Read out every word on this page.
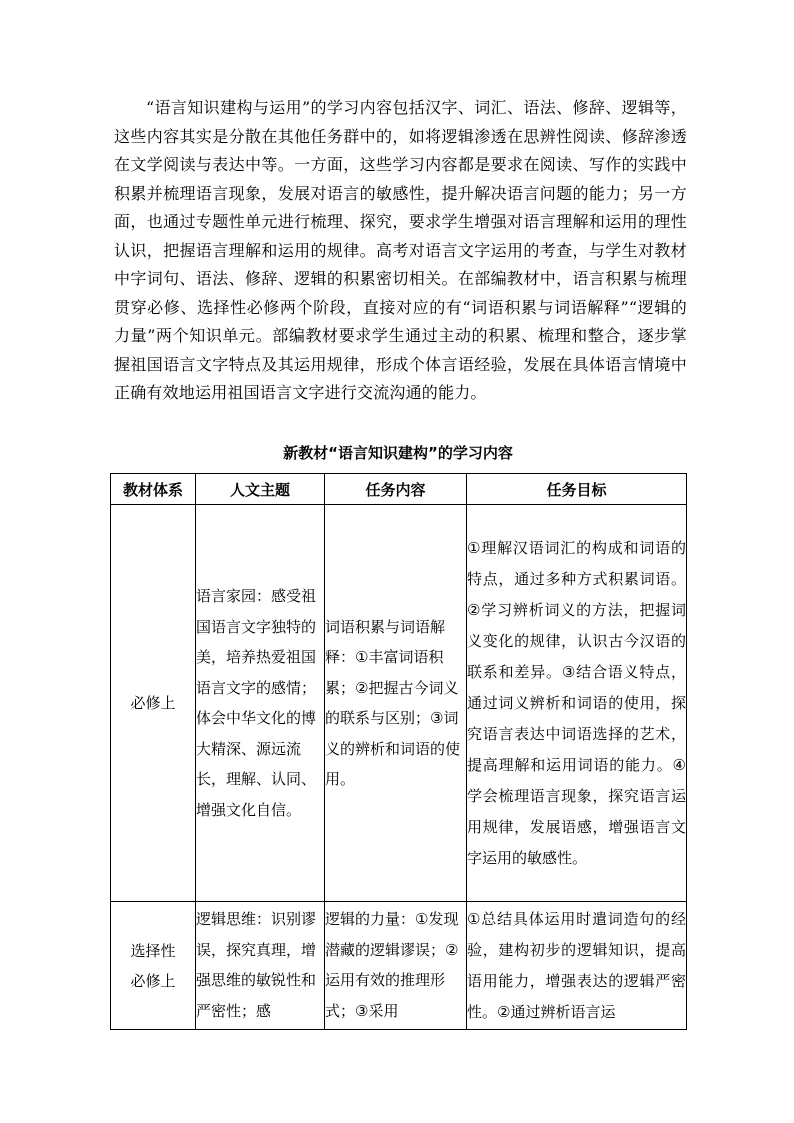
“语言知识建构与运用”的学习内容包括汉字、词汇、语法、修辞、逻辑等，这些内容其实是分散在其他任务群中的，如将逻辑渗透在思辨性阅读、修辞渗透在文学阅读与表达中等。一方面，这些学习内容都是要求在阅读、写作的实践中积累并梳理语言现象，发展对语言的敏感性，提升解决语言问题的能力；另一方面，也通过专题性单元进行梳理、探究，要求学生增强对语言理解和运用的理性认识，把握语言理解和运用的规律。高考对语言文字运用的考查，与学生对教材中字词句、语法、修辞、逻辑的积累密切相关。在部编教材中，语言积累与梳理贯穿必修、选择性必修两个阶段，直接对应的有“词语积累与词语解释”“逻辑的力量”两个知识单元。部编教材要求学生通过主动的积累、梳理和整合，逐步掌握祖国语言文字特点及其运用规律，形成个体言语经验，发展在具体语言情境中正确有效地运用祖国语言文字进行交流沟通的能力。

新教材“语言知识建构”的学习内容

教材体系	人文主题	任务内容	任务目标
必修上	语言家园：感受祖国语言文字独特的美，培养热爱祖国语言文字的感情；体会中华文化的博大精深、源远流长，理解、认同、增强文化自信。	词语积累与词语解释：①丰富词语积累；②把握古今词义的联系与区别；③词义的辨析和词语的使用。	①理解汉语词汇的构成和词语的特点，通过多种方式积累词语。②学习辨析词义的方法，把握词义变化的规律，认识古今汉语的联系和差异。③结合语义特点，通过词义辨析和词语的使用，探究语言表达中词语选择的艺术，提高理解和运用词语的能力。④学会梳理语言现象，探究语言运用规律，发展语感，增强语言文字运用的敏感性。

选择性
必修上	逻辑思维：识别谬误，探究真理，增强思维的敏锐性和严密性；感	逻辑的力量：①发现潜藏的逻辑谬误；②运用有效的推理形式；③采用	①总结具体运用时遣词造句的经验，建构初步的逻辑知识，提高语用能力，增强表达的逻辑严密性。②通过辨析语言运
